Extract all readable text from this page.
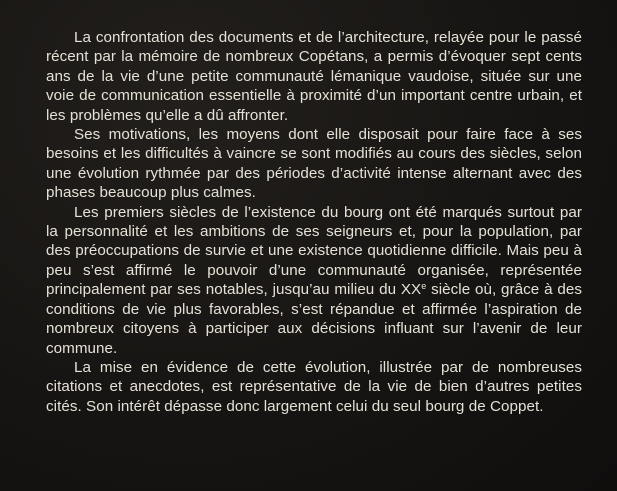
La confrontation des documents et de l’architecture, relayée pour le passé récent par la mémoire de nombreux Copétans, a permis d’évoquer sept cents ans de la vie d’une petite communauté lémanique vaudoise, située sur une voie de communication essentielle à proximité d’un important centre urbain, et les problèmes qu’elle a dû affronter.

Ses motivations, les moyens dont elle disposait pour faire face à ses besoins et les difficultés à vaincre se sont modifiés au cours des siècles, selon une évolution rythmée par des périodes d’activité intense alternant avec des phases beaucoup plus calmes.

Les premiers siècles de l’existence du bourg ont été marqués surtout par la personnalité et les ambitions de ses seigneurs et, pour la population, par des préoccupations de survie et une existence quotidienne difficile. Mais peu à peu s’est affirmé le pouvoir d’une communauté organisée, représentée principalement par ses notables, jusqu’au milieu du XXe siècle où, grâce à des conditions de vie plus favorables, s’est répandue et affirmée l’aspiration de nombreux citoyens à participer aux décisions influant sur l’avenir de leur commune.

La mise en évidence de cette évolution, illustrée par de nombreuses citations et anecdotes, est représentative de la vie de bien d’autres petites cités. Son intérêt dépasse donc largement celui du seul bourg de Coppet.
